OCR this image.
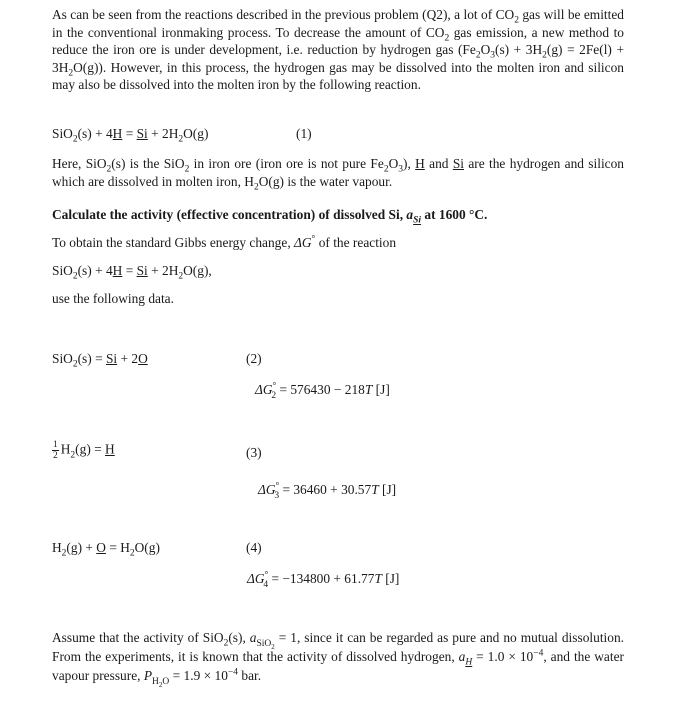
As can be seen from the reactions described in the previous problem (Q2), a lot of $CO_2$ gas will be emitted in the conventional ironmaking process. To decrease the amount of $CO_2$ gas emission, a new method to reduce the iron ore is under development, i.e. reduction by hydrogen gas $(Fe_2O_3(s) + 3H_2(g) = 2Fe(l) + 3H_2O(g))$. However, in this process, the hydrogen gas may be dissolved into the molten iron and silicon may also be dissolved into the molten iron by the following reaction.
$SiO_2(s) + 4H = Si + 2H_2O(g)$	(1)
Here, SiO$_2$(s) is the SiO$_2$ in iron ore (iron ore is not pure $Fe_2O_3$), H and Si are the hydrogen and silicon which are dissolved in molten iron, $H_2O(g)$ is the water vapour.
Calculate the activity (effective concentration) of dissolved Si, $a_{Si}$ at 1600 °C.
To obtain the standard Gibbs energy change, ΔG° of the reaction
$SiO_2(s) + 4H = Si + 2H_2O(g)$,
use the following data.
SiO$_2$(s) = Si + 2O	(2)
$\Delta G^\circ_2 = 576430 - 218T$ [J]
$\frac{1}{2} H_2(g) = H$	(3)
$\Delta G^\circ_3 = 36460 + 30.57T$ [J]
$H_2(g) + O = H_2O(g)$	(4)
$\Delta G^\circ_4 = -134800 + 61.77T$ [J]
Assume that the activity of SiO$_2$(s), $a_{SiO_2} = 1$, since it can be regarded as pure and no mutual dissolution. From the experiments, it is known that the activity of dissolved hydrogen, $a_H = 1.0 \times 10^{-4}$, and the water vapour pressure, $P_{H_2O} = 1.9 \times 10^{-4}$ bar.
